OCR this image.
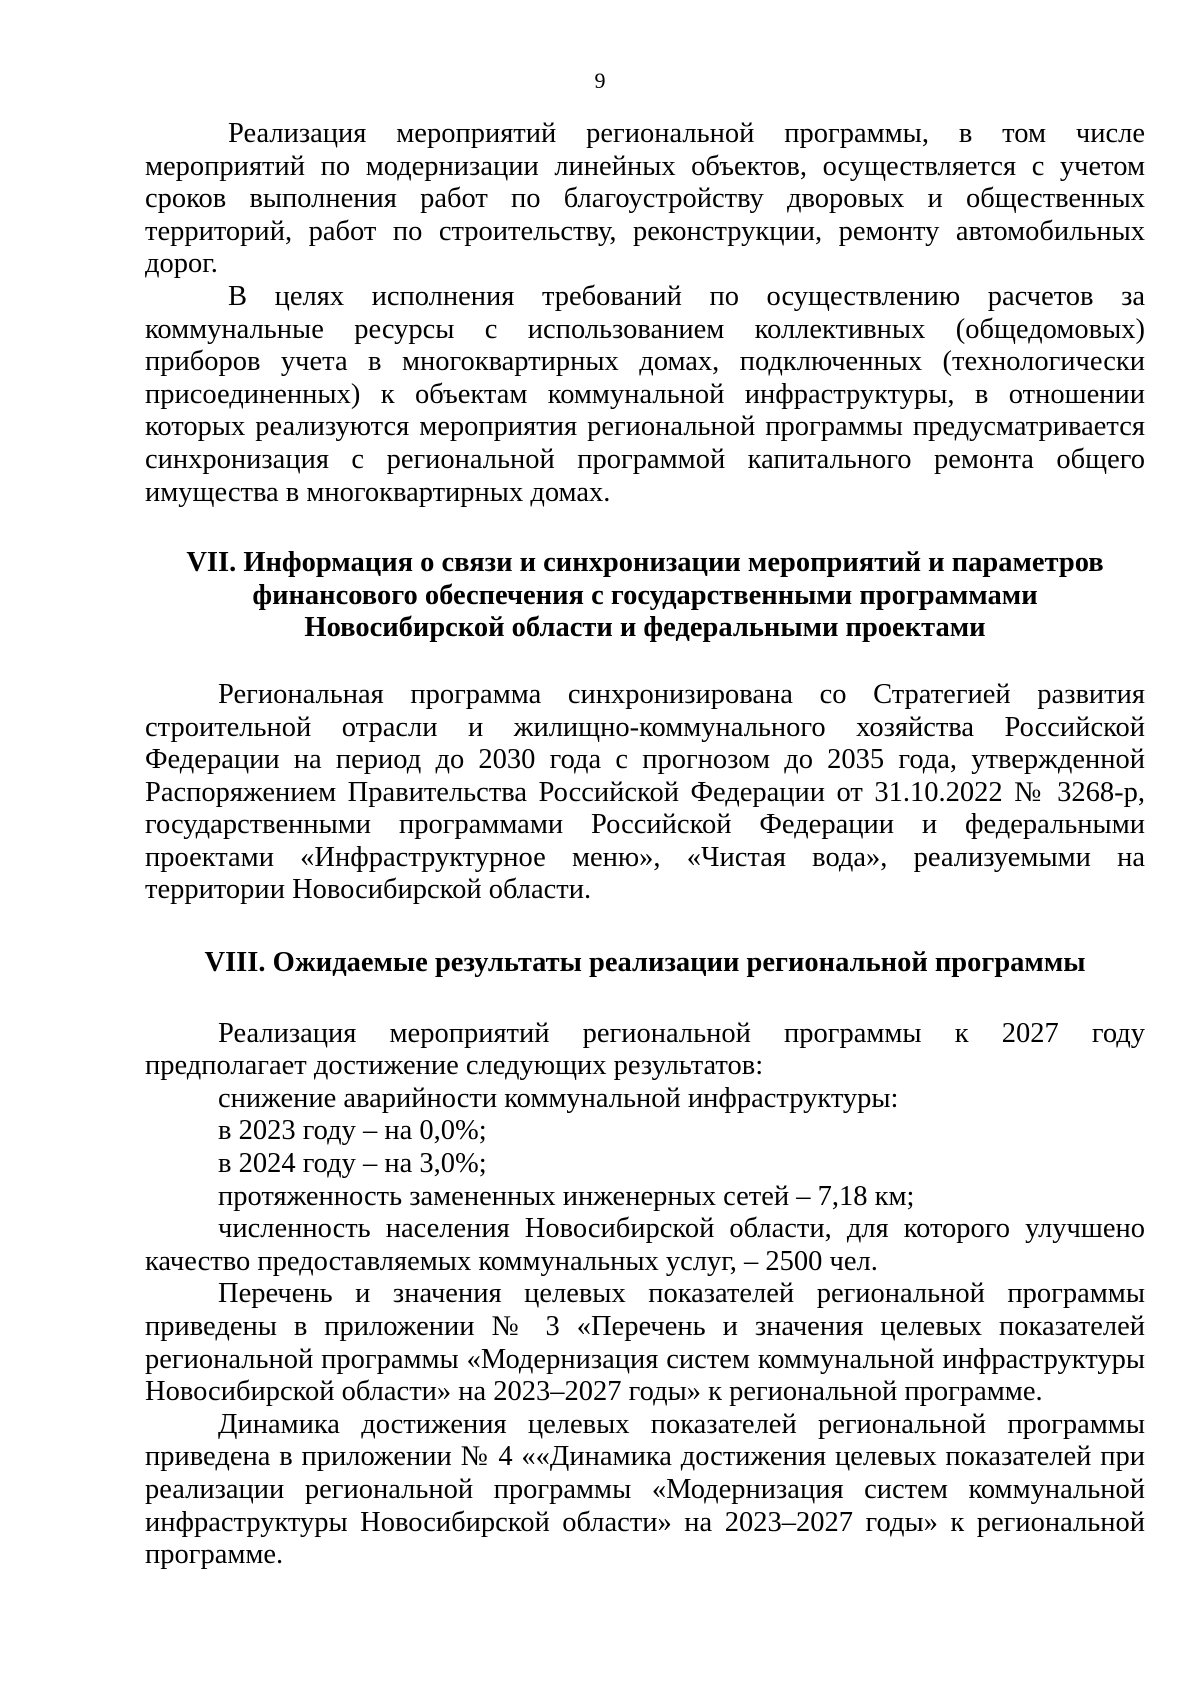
9

Реализация мероприятий региональной программы, в том числе мероприятий по модернизации линейных объектов, осуществляется с учетом сроков выполнения работ по благоустройству дворовых и общественных территорий, работ по строительству, реконструкции, ремонту автомобильных дорог.

В целях исполнения требований по осуществлению расчетов за коммунальные ресурсы с использованием коллективных (общедомовых) приборов учета в многоквартирных домах, подключенных (технологически присоединенных) к объектам коммунальной инфраструктуры, в отношении которых реализуются мероприятия региональной программы предусматривается синхронизация с региональной программой капитального ремонта общего имущества в многоквартирных домах.

VII. Информация о связи и синхронизации мероприятий и параметров
финансового обеспечения с государственными программами
Новосибирской области и федеральными проектами

Региональная программа синхронизирована со Стратегией развития строительной отрасли и жилищно-коммунального хозяйства Российской Федерации на период до 2030 года с прогнозом до 2035 года, утвержденной Распоряжением Правительства Российской Федерации от 31.10.2022 № 3268-р, государственными программами Российской Федерации и федеральными проектами «Инфраструктурное меню», «Чистая вода», реализуемыми на территории Новосибирской области.

VIII. Ожидаемые результаты реализации региональной программы

Реализация мероприятий региональной программы к 2027 году предполагает достижение следующих результатов:

снижение аварийности коммунальной инфраструктуры:

в 2023 году – на 0,0%;

в 2024 году – на 3,0%;

протяженность замененных инженерных сетей – 7,18 км;

численность населения Новосибирской области, для которого улучшено качество предоставляемых коммунальных услуг, – 2500 чел.

Перечень и значения целевых показателей региональной программы приведены в приложении № 3 «Перечень и значения целевых показателей региональной программы «Модернизация систем коммунальной инфраструктуры Новосибирской области» на 2023–2027 годы» к региональной программе.

Динамика достижения целевых показателей региональной программы приведена в приложении № 4 ««Динамика достижения целевых показателей при реализации региональной программы «Модернизация систем коммунальной инфраструктуры Новосибирской области» на 2023–2027 годы» к региональной программе.
